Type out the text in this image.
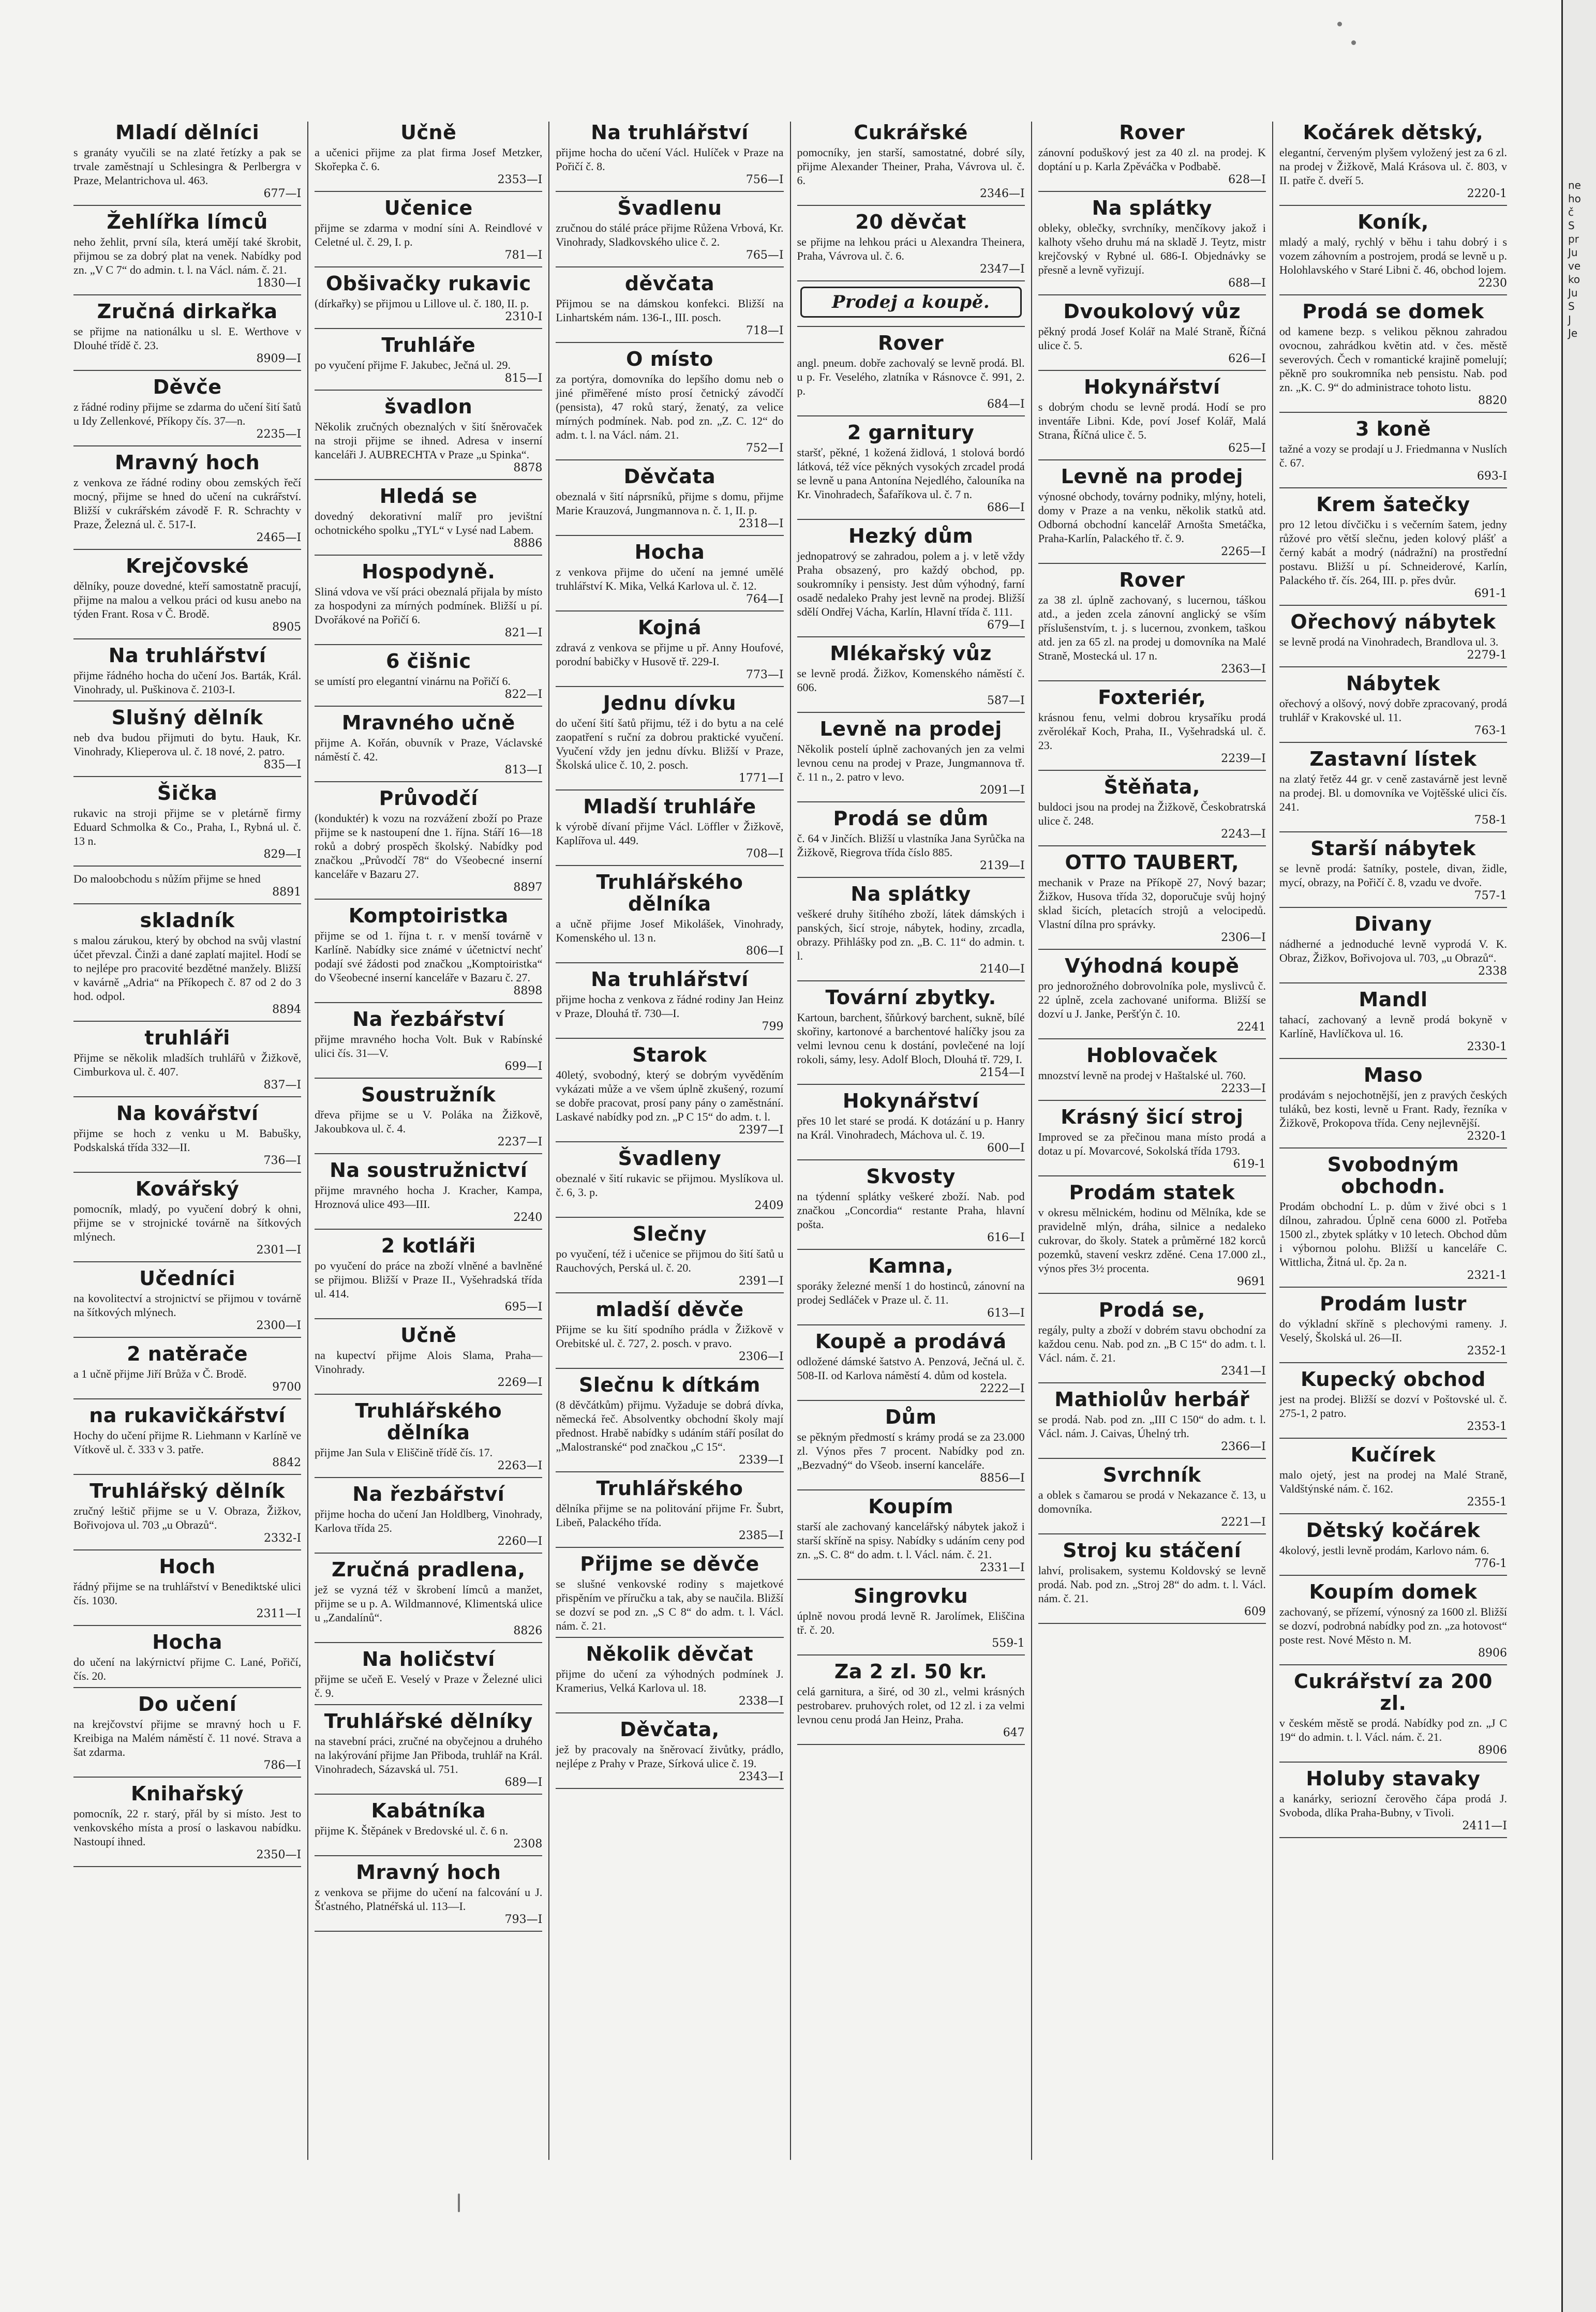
Mladí dělníci

s granáty vyučili se na zlaté řetízky a pak se trvale zaměstnají u Schlesingra & Perlbergra v Praze, Melantrichova ul. 463.

677—I
Žehlířka límců

neho žehlit, první síla, která umějí také škrobit, přijmou se za dobrý plat na venek. Nabídky pod zn. „V C 7“ do admin. t. l. na Václ. nám. č. 21.

1830—I
Zručná dirkařka

se přijme na nationálku u sl. E. Werthove v Dlouhé třídě č. 23.

8909—I
Děvče

z řádné rodiny přijme se zdarma do učení šití šatů u Idy Zellenkové, Příkopy čís. 37—n.

2235—I
Mravný hoch

z venkova ze řádné rodiny obou zemských řečí mocný, přijme se hned do učení na cukrářství. Bližší v cukrářském závodě F. R. Schrachty v Praze, Železná ul. č. 517-I.

2465—I
Krejčovské

dělníky, pouze dovedné, kteří samostatně pracují, přijme na malou a velkou práci od kusu anebo na týden Frant. Rosa v Č. Brodě.

8905
Na truhlářství

přijme řádného hocha do učení Jos. Barták, Král. Vinohrady, ul. Puškinova č. 2103-I.

Slušný dělník

neb dva budou přijmuti do bytu. Hauk, Kr. Vinohrady, Klieperova ul. č. 18 nové, 2. patro.

835—I
Šička

rukavic na stroji přijme se v pletárně firmy Eduard Schmolka & Co., Praha, I., Rybná ul. č. 13 n.

829—I

Do maloobchodu s nůžím přijme se hned

8891
skladník

s malou zárukou, který by obchod na svůj vlastní účet převzal. Činži a dané zaplatí majitel. Hodí se to nejlépe pro pracovité bezdětné manžely. Bližší v kavárně „Adria“ na Příkopech č. 87 od 2 do 3 hod. odpol.

8894
truhláři

Přijme se několik mladších truhlářů v Žižkově, Cimburkova ul. č. 407.

837—I
Na kovářství

přijme se hoch z venku u M. Babušky, Podskalská třída 332—II.

736—I
Kovářský

pomocník, mladý, po vyučení dobrý k ohni, přijme se v strojnické továrně na šítkových mlýnech.

2301—I
Učedníci

na kovolitectví a strojnictví se přijmou v továrně na šítkových mlýnech.

2300—I
2 natěrače

a 1 učně přijme Jiří Brůža v Č. Brodě.

9700
na rukavičkářství

Hochy do učení přijme R. Liehmann v Karlíně ve Vítkově ul. č. 333 v 3. patře.

8842
Truhlářský dělník

zručný leštič přijme se u V. Obraza, Žižkov, Bořivojova ul. 703 „u Obrazů“.

2332-I
Hoch

řádný přijme se na truhlářství v Benediktské ulici čís. 1030.

2311—I
Hocha

do učení na lakýrnictví přijme C. Lané, Pořičí, čís. 20.

Do učení

na krejčovství přijme se mravný hoch u F. Kreibiga na Malém náměstí č. 11 nové. Strava a šat zdarma.

786—I
Knihařský

pomocník, 22 r. starý, přál by si místo. Jest to venkovského místa a prosí o laskavou nabídku. Nastoupí ihned.

2350—I
Učně

a učenici přijme za plat firma Josef Metzker, Skořepka č. 6.

2353—I
Učenice

přijme se zdarma v modní síni A. Reindlové v Celetné ul. č. 29, I. p.

781—I
Obšivačky rukavic

(dírkařky) se přijmou u Lillove ul. č. 180, II. p.

2310-I
Truhláře

po vyučení přijme F. Jakubec, Ječná ul. 29.

815—I
švadlon

Několik zručných obeznalých v šití šněrovaček na stroji přijme se ihned. Adresa v inserní kanceláři J. AUBRECHTA v Praze „u Spinka“.

8878
Hledá se

dovedný dekorativní malíř pro jevištní ochotnického spolku „TYL“ v Lysé nad Labem.

8886
Hospodyně.

Sliná vdova ve vší práci obeznalá přijala by místo za hospodyni za mírných podmínek. Bližší u pí. Dvořákové na Pořičí 6.

821—I
6 čišnic

se umístí pro elegantní vinárnu na Pořičí 6.

822—I
Mravného učně

přijme A. Kořán, obuvník v Praze, Václavské náměstí č. 42.

813—I
Průvodčí

(konduktér) k vozu na rozvážení zboží po Praze přijme se k nastoupení dne 1. října. Stáří 16—18 roků a dobrý prospěch školský. Nabídky pod značkou „Průvodčí 78“ do Všeobecné inserní kanceláře v Bazaru 27.

8897
Komptoiristka

přijme se od 1. října t. r. v menší továrně v Karlíně. Nabídky sice známé v účetnictví nechť podají své žádosti pod značkou „Komptoiristka“ do Všeobecné inserní kanceláře v Bazaru č. 27.

8898
Na řezbářství

přijme mravného hocha Volt. Buk v Rabínské ulici čís. 31—V.

699—I
Soustružník

dřeva přijme se u V. Poláka na Žižkově, Jakoubkova ul. č. 4.

2237—I
Na soustružnictví

přijme mravného hocha J. Kracher, Kampa, Hroznová ulice 493—III.

2240
2 kotláři

po vyučení do práce na zboží vlněné a bavlněné se přijmou. Bližší v Praze II., Vyšehradská třída ul. 414.

695—I
Učně

na kupectví přijme Alois Slama, Praha—Vinohrady.

2269—I
Truhlářského dělníka

přijme Jan Sula v Eliščině třídě čís. 17.

2263—I
Na řezbářství

přijme hocha do učení Jan Holdlberg, Vinohrady, Karlova třída 25.

2260—I
Zručná pradlena,

jež se vyzná též v škrobení límců a manžet, přijme se u p. A. Wildmannové, Klimentská ulice u „Zandalínů“.

8826
Na holičství

přijme se učeň E. Veselý v Praze v Železné ulici č. 9.

Truhlářské dělníky

na stavební práci, zručné na obyčejnou a druhého na lakýrování přijme Jan Přiboda, truhlář na Král. Vinohradech, Sázavská ul. 751.

689—I
Kabátníka

přijme K. Štěpánek v Bredovské ul. č. 6 n.

2308
Mravný hoch

z venkova se přijme do učení na falcování u J. Šťastného, Platnéřská ul. 113—I.

793—I
Na truhlářství

přijme hocha do učení Václ. Hulíček v Praze na Pořičí č. 8.

756—I
Švadlenu

zručnou do stálé práce přijme Růžena Vrbová, Kr. Vinohrady, Sladkovského ulice č. 2.

765—I
děvčata

Přijmou se na dámskou konfekci. Bližší na Linhartském nám. 136-I., III. posch.

718—I
O místo

za portýra, domovníka do lepšího domu neb o jiné přiměřené místo prosí četnický závodčí (pensista), 47 roků starý, ženatý, za velice mírných podmínek. Nab. pod zn. „Z. C. 12“ do adm. t. l. na Václ. nám. 21.

752—I
Děvčata

obeznalá v šití náprsníků, přijme s domu, přijme Marie Krauzová, Jungmannova n. č. 1, II. p.

2318—I
Hocha

z venkova přijme do učení na jemné umělé truhlářství K. Mika, Velká Karlova ul. č. 12.

764—I
Kojná

zdravá z venkova se přijme u př. Anny Houfové, porodní babičky v Husově tř. 229-I.

773—I
Jednu dívku

do učení šití šatů přijmu, též i do bytu a na celé zaopatření s ruční za dobrou praktické vyučení. Vyučení vždy jen jednu dívku. Bližší v Praze, Školská ulice č. 10, 2. posch.

1771—I
Mladší truhláře

k výrobě dívaní přijme Václ. Löffler v Žižkově, Kaplířova ul. 449.

708—I
Truhlářského dělníka

a učně přijme Josef Mikolášek, Vinohrady, Komenského ul. 13 n.

806—I
Na truhlářství

přijme hocha z venkova z řádné rodiny Jan Heinz v Praze, Dlouhá tř. 730—I.

799
Starok

40letý, svobodný, který se dobrým vyvěděním vykázati může a ve všem úplně zkušený, rozumí se dobře pracovat, prosí pany pány o zaměstnání. Laskavé nabídky pod zn. „P C 15“ do adm. t. l.

2397—I
Švadleny

obeznalé v šití rukavic se přijmou. Myslíkova ul. č. 6, 3. p.

2409
Slečny

po vyučení, též i učenice se přijmou do šití šatů u Rauchových, Perská ul. č. 20.

2391—I
mladší děvče

Přijme se ku šití spodního prádla v Žižkově v Orebitské ul. č. 727, 2. posch. v pravo.

2306—I
Slečnu k dítkám

(8 děvčátkům) přijmu. Vyžaduje se dobrá dívka, německá řeč. Absolventky obchodní školy mají přednost. Hrabě nabídky s udáním stáří posílat do „Malostranské“ pod značkou „C 15“.

2339—I
Truhlářského

dělníka přijme se na politování přijme Fr. Šubrt, Libeň, Palackého třída.

2385—I
Přijme se děvče

se slušné venkovské rodiny s majetkové přispěním ve příručku a tak, aby se naučila. Bližší se dozví se pod zn. „S C 8“ do adm. t. l. Václ. nám. č. 21.

Několik děvčat

přijme do učení za výhodných podmínek J. Kramerius, Velká Karlova ul. 18.

2338—I
Děvčata,

jež by pracovaly na šněrovací živůtky, prádlo, nejlépe z Prahy v Praze, Sírková ulice č. 19.

2343—I
Cukrářské

pomocníky, jen starší, samostatné, dobré síly, přijme Alexander Theiner, Praha, Vávrova ul. č. 6.

2346—I
20 děvčat

se přijme na lehkou práci u Alexandra Theinera, Praha, Vávrova ul. č. 6.

2347—I
Prodej a koupě.
Rover

angl. pneum. dobře zachovalý se levně prodá. Bl. u p. Fr. Veselého, zlatníka v Rásnovce č. 991, 2. p.

684—I
2 garnitury

staršť, pěkné, 1 kožená židlová, 1 stolová bordó látková, též více pěkných vysokých zrcadel prodá se levně u pana Antonína Nejedlého, čalouníka na Kr. Vinohradech, Šafaříkova ul. č. 7 n.

686—I
Hezký dům

jednopatrový se zahradou, polem a j. v letě vždy Praha obsazený, pro každý obchod, pp. soukromníky i pensisty. Jest dům výhodný, farní osadě nedaleko Prahy jest levně na prodej. Bližší sdělí Ondřej Vácha, Karlín, Hlavní třída č. 111.

679—I
Mlékařský vůz

se levně prodá. Žižkov, Komenského náměstí č. 606.

587—I
Levně na prodej

Několik postelí úplně zachovaných jen za velmi levnou cenu na prodej v Praze, Jungmannova tř. č. 11 n., 2. patro v levo.

2091—I
Prodá se dům

č. 64 v Jinčích. Bližší u vlastníka Jana Syrůčka na Žižkově, Riegrova třída číslo 885.

2139—I
Na splátky

veškeré druhy šitíhého zboží, látek dámských i panských, šicí stroje, nábytek, hodiny, zrcadla, obrazy. Přihlášky pod zn. „B. C. 11“ do admin. t. l.

2140—I
Tovární zbytky.

Kartoun, barchent, šňůrkový barchent, sukně, bílé skořiny, kartonové a barchentové halíčky jsou za velmi levnou cenu k dostání, povlečené na lojí rokoli, sámy, lesy. Adolf Bloch, Dlouhá tř. 729, I.

2154—I
Hokynářství

přes 10 let staré se prodá. K dotázání u p. Hanry na Král. Vinohradech, Máchova ul. č. 19.

600—I
Skvosty

na týdenní splátky veškeré zboží. Nab. pod značkou „Concordia“ restante Praha, hlavní pošta.

616—I
Kamna,

sporáky železné menší 1 do hostinců, zánovní na prodej Sedláček v Praze ul. č. 11.

613—I
Koupě a prodává

odložené dámské šatstvo A. Penzová, Ječná ul. č. 508-II. od Karlova náměstí 4. dům od kostela.

2222—I
Dům

se pěkným předmostí s krámy prodá se za 23.000 zl. Výnos přes 7 procent. Nabídky pod zn. „Bezvadný“ do Všeob. inserní kanceláře.

8856—I
Koupím

starší ale zachovaný kancelářský nábytek jakož i starší skříně na spisy. Nabídky s udáním ceny pod zn. „S. C. 8“ do adm. t. l. Václ. nám. č. 21.

2331—I
Singrovku

úplně novou prodá levně R. Jarolímek, Eliščina tř. č. 20.

559-1
Za 2 zl. 50 kr.

celá garnitura, a širé, od 30 zl., velmi krásných pestrobarev. pruhových rolet, od 12 zl. i za velmi levnou cenu prodá Jan Heinz, Praha.

647
Rover

zánovní poduškový jest za 40 zl. na prodej. K doptání u p. Karla Zpěváčka v Podbabě.

628—I
Na splátky

obleky, oblečky, svrchníky, menčíkovy jakož i kalhoty všeho druhu má na skladě J. Teytz, mistr krejčovský v Rybné ul. 686-I. Objednávky se přesně a levně vyřizují.

688—I
Dvoukolový vůz

pěkný prodá Josef Kolář na Malé Straně, Říčná ulice č. 5.

626—I
Hokynářství

s dobrým chodu se levně prodá. Hodí se pro inventáře Libni. Kde, poví Josef Kolář, Malá Strana, Říčná ulice č. 5.

625—I
Levně na prodej

výnosné obchody, továrny podniky, mlýny, hoteli, domy v Praze a na venku, několik statků atd. Odborná obchodní kancelář Arnošta Smetáčka, Praha-Karlín, Palackého tř. č. 9.

2265—I
Rover

za 38 zl. úplně zachovaný, s lucernou, táškou atd., a jeden zcela zánovní anglický se vším příslušenstvím, t. j. s lucernou, zvonkem, taškou atd. jen za 65 zl. na prodej u domovníka na Malé Straně, Mostecká ul. 17 n.

2363—I
Foxteriér,

krásnou fenu, velmi dobrou krysaříku prodá zvěrolékař Koch, Praha, II., Vyšehradská ul. č. 23.

2239—I
Štěňata,

buldoci jsou na prodej na Žižkově, Českobratrská ulice č. 248.

2243—I
OTTO TAUBERT,

mechanik v Praze na Příkopě 27, Nový bazar; Žižkov, Husova třída 32, doporučuje svůj hojný sklad šicích, pletacích strojů a velocipedů. Vlastní dílna pro správky.

2306—I
Výhodná koupě

pro jednorožného dobrovolníka pole, myslivců č. 22 úplně, zcela zachované uniforma. Bližší se dozví u J. Janke, Peršťýn č. 10.

2241
Hoblovaček

mnozství levně na prodej v Haštalské ul. 760.

2233—I
Krásný šicí stroj

Improved se za přečinou mana místo prodá a dotaz u pí. Movarcové, Sokolská třída 1793.

619-1
Prodám statek

v okresu mělnickém, hodinu od Mělníka, kde se pravidelně mlýn, dráha, silnice a nedaleko cukrovar, do školy. Statek a průměrné 182 korců pozemků, stavení veskrz zděné. Cena 17.000 zl., výnos přes 3½ procenta.

9691
Prodá se,

regály, pulty a zboží v dobrém stavu obchodní za každou cenu. Nab. pod zn. „B C 15“ do adm. t. l. Václ. nám. č. 21.

2341—I
Mathiolův herbář

se prodá. Nab. pod zn. „III C 150“ do adm. t. l. Václ. nám. J. Caivas, Úhelný trh.

2366—I
Svrchník

a oblek s čamarou se prodá v Nekazance č. 13, u domovníka.

2221—I
Stroj ku stáčení

lahví, prolisakem, systemu Koldovský se levně prodá. Nab. pod zn. „Stroj 28“ do adm. t. l. Václ. nám. č. 21.

609
Kočárek dětský,

elegantní, červeným plyšem vyložený jest za 6 zl. na prodej v Žižkově, Malá Krásova ul. č. 803, v II. patře č. dveří 5.

2220-1
Koník,

mladý a malý, rychlý v běhu i tahu dobrý i s vozem záhovním a postrojem, prodá se levně u p. Holohlavského v Staré Libni č. 46, obchod lojem.

2230
Prodá se domek

od kamene bezp. s velikou pěknou zahradou ovocnou, zahrádkou květin atd. v čes. městě severových. Čech v romantické krajině pomelují; pěkně pro soukromníka neb pensistu. Nab. pod zn. „K. C. 9“ do administrace tohoto listu.

8820
3 koně

tažné a vozy se prodají u J. Friedmanna v Nuslích č. 67.

693-I
Krem šatečky

pro 12 letou dívčičku i s večerním šatem, jedny růžové pro větší slečnu, jeden kolový plášť a černý kabát a modrý (nádražní) na prostřední postavu. Bližší u pí. Schneiderové, Karlín, Palackého tř. čís. 264, III. p. přes dvůr.

691-1
Ořechový nábytek

se levně prodá na Vinohradech, Brandlova ul. 3.

2279-1
Nábytek

ořechový a olšový, nový dobře zpracovaný, prodá truhlář v Krakovské ul. 11.

763-1
Zastavní lístek

na zlatý řetěz 44 gr. v ceně zastavárně jest levně na prodej. Bl. u domovníka ve Vojtěšské ulici čís. 241.

758-1
Starší nábytek

se levně prodá: šatníky, postele, divan, židle, mycí, obrazy, na Pořičí č. 8, vzadu ve dvoře.

757-1
Divany

nádherné a jednoduché levně vyprodá V. K. Obraz, Žižkov, Bořivojova ul. 703, „u Obrazů“.

2338
Mandl

tahací, zachovaný a levně prodá bokyně v Karlíně, Havlíčkova ul. 16.

2330-1
Maso

prodávám s nejochotnější, jen z pravých českých tuláků, bez kosti, levně u Frant. Rady, řezníka v Žižkově, Prokopova třída. Ceny nejlevnější.

2320-1
Svobodným obchodn.

Prodám obchodní L. p. dům v živé obci s 1 dílnou, zahradou. Úplně cena 6000 zl. Potřeba 1500 zl., zbytek splátky v 10 letech. Obchod dům i výbornou polohu. Bližší u kanceláře C. Wittlicha, Žitná ul. čp. 2a n.

2321-1
Prodám lustr

do výkladní skříně s plechovými rameny. J. Veselý, Školská ul. 26—II.

2352-1
Kupecký obchod

jest na prodej. Bližší se dozví v Poštovské ul. č. 275-1, 2 patro.

2353-1
Kučírek

malo ojetý, jest na prodej na Malé Straně, Valdštýnské nám. č. 162.

2355-1
Dětský kočárek

4kolový, jestli levně prodám, Karlovo nám. 6.

776-1
Koupím domek

zachovaný, se přízemí, výnosný za 1600 zl. Bližší se dozví, podrobná nabídky pod zn. „za hotovost“ poste rest. Nové Město n. M.

8906
Cukrářství za 200 zl.

v českém městě se prodá. Nabídky pod zn. „J C 19“ do admin. t. l. Václ. nám. č. 21.

8906
Holuby stavaky

a kanárky, seriozní čerověho čápa prodá J. Svoboda, dlíka Praha-Bubny, v Tivoli.

2411—I
ne
ho
č
S
pr
Ju
ve
ko
Ju
S
J
Je
